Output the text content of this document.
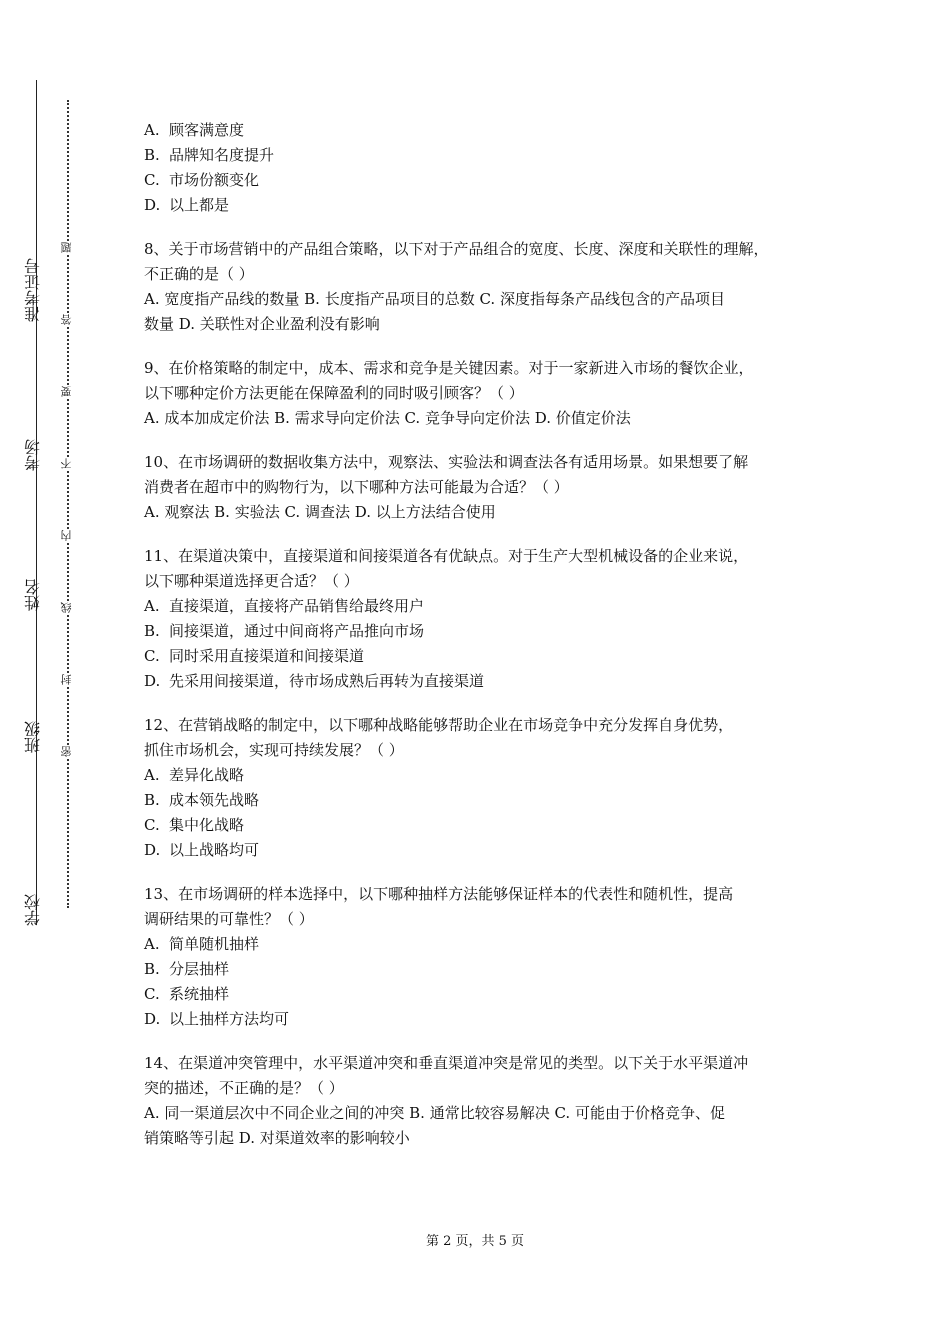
准考证号
考场
姓名
班级
学校
题
答
要
不
内
线
封
密
A. 顾客满意度
B. 品牌知名度提升
C. 市场份额变化
D. 以上都是
8、关于市场营销中的产品组合策略，以下对于产品组合的宽度、长度、深度和关联性的理解，
不正确的是（ ）
A. 宽度指产品线的数量 B. 长度指产品项目的总数 C. 深度指每条产品线包含的产品项目
数量 D. 关联性对企业盈利没有影响
9、在价格策略的制定中，成本、需求和竞争是关键因素。对于一家新进入市场的餐饮企业，
以下哪种定价方法更能在保障盈利的同时吸引顾客？（ ）
A. 成本加成定价法 B. 需求导向定价法 C. 竞争导向定价法 D. 价值定价法
10、在市场调研的数据收集方法中，观察法、实验法和调查法各有适用场景。如果想要了解
消费者在超市中的购物行为，以下哪种方法可能最为合适？（ ）
A. 观察法 B. 实验法 C. 调查法 D. 以上方法结合使用
11、在渠道决策中，直接渠道和间接渠道各有优缺点。对于生产大型机械设备的企业来说，
以下哪种渠道选择更合适？（ ）
A. 直接渠道，直接将产品销售给最终用户
B. 间接渠道，通过中间商将产品推向市场
C. 同时采用直接渠道和间接渠道
D. 先采用间接渠道，待市场成熟后再转为直接渠道
12、在营销战略的制定中，以下哪种战略能够帮助企业在市场竞争中充分发挥自身优势，
抓住市场机会，实现可持续发展？（ ）
A. 差异化战略
B. 成本领先战略
C. 集中化战略
D. 以上战略均可
13、在市场调研的样本选择中，以下哪种抽样方法能够保证样本的代表性和随机性，提高
调研结果的可靠性？（ ）
A. 简单随机抽样
B. 分层抽样
C. 系统抽样
D. 以上抽样方法均可
14、在渠道冲突管理中，水平渠道冲突和垂直渠道冲突是常见的类型。以下关于水平渠道冲
突的描述，不正确的是？（ ）
A. 同一渠道层次中不同企业之间的冲突 B. 通常比较容易解决 C. 可能由于价格竞争、促
销策略等引起 D. 对渠道效率的影响较小
第 2 页，共 5 页
